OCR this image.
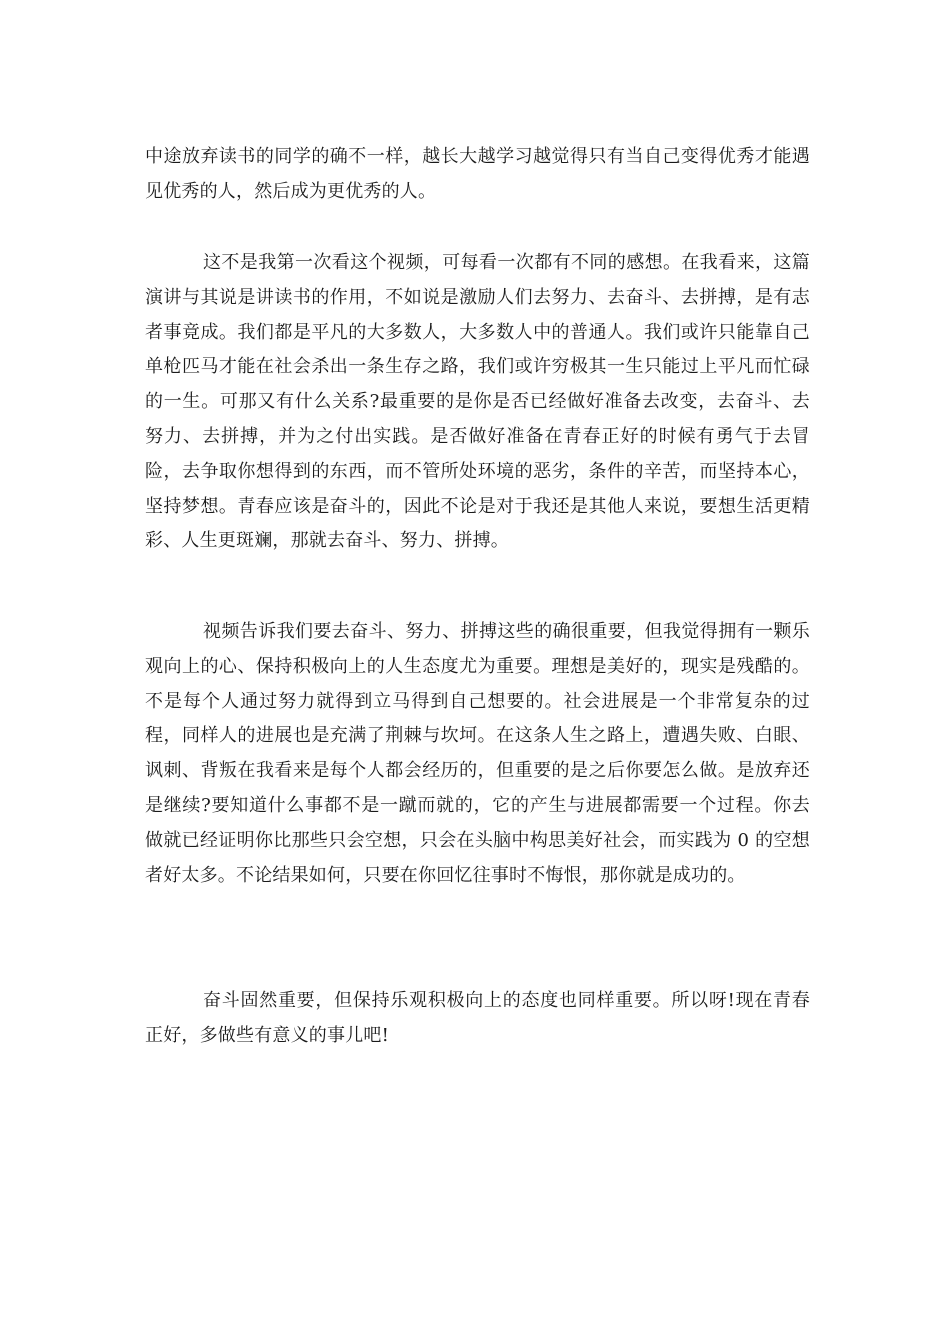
中途放弃读书的同学的确不一样，越长大越学习越觉得只有当自己变得优秀才能遇见优秀的人，然后成为更优秀的人。

这不是我第一次看这个视频，可每看一次都有不同的感想。在我看来，这篇演讲与其说是讲读书的作用，不如说是激励人们去努力、去奋斗、去拼搏，是有志者事竟成。我们都是平凡的大多数人，大多数人中的普通人。我们或许只能靠自己单枪匹马才能在社会杀出一条生存之路，我们或许穷极其一生只能过上平凡而忙碌的一生。可那又有什么关系?最重要的是你是否已经做好准备去改变，去奋斗、去努力、去拼搏，并为之付出实践。是否做好准备在青春正好的时候有勇气于去冒险，去争取你想得到的东西，而不管所处环境的恶劣，条件的辛苦，而坚持本心，坚持梦想。青春应该是奋斗的，因此不论是对于我还是其他人来说，要想生活更精彩、人生更斑斓，那就去奋斗、努力、拼搏。

视频告诉我们要去奋斗、努力、拼搏这些的确很重要，但我觉得拥有一颗乐观向上的心、保持积极向上的人生态度尤为重要。理想是美好的，现实是残酷的。不是每个人通过努力就得到立马得到自己想要的。社会进展是一个非常复杂的过程，同样人的进展也是充满了荆棘与坎坷。在这条人生之路上，遭遇失败、白眼、讽刺、背叛在我看来是每个人都会经历的，但重要的是之后你要怎么做。是放弃还是继续?要知道什么事都不是一蹴而就的，它的产生与进展都需要一个过程。你去做就已经证明你比那些只会空想，只会在头脑中构思美好社会，而实践为 0 的空想者好太多。不论结果如何，只要在你回忆往事时不悔恨，那你就是成功的。

奋斗固然重要，但保持乐观积极向上的态度也同样重要。所以呀!现在青春正好，多做些有意义的事儿吧!
